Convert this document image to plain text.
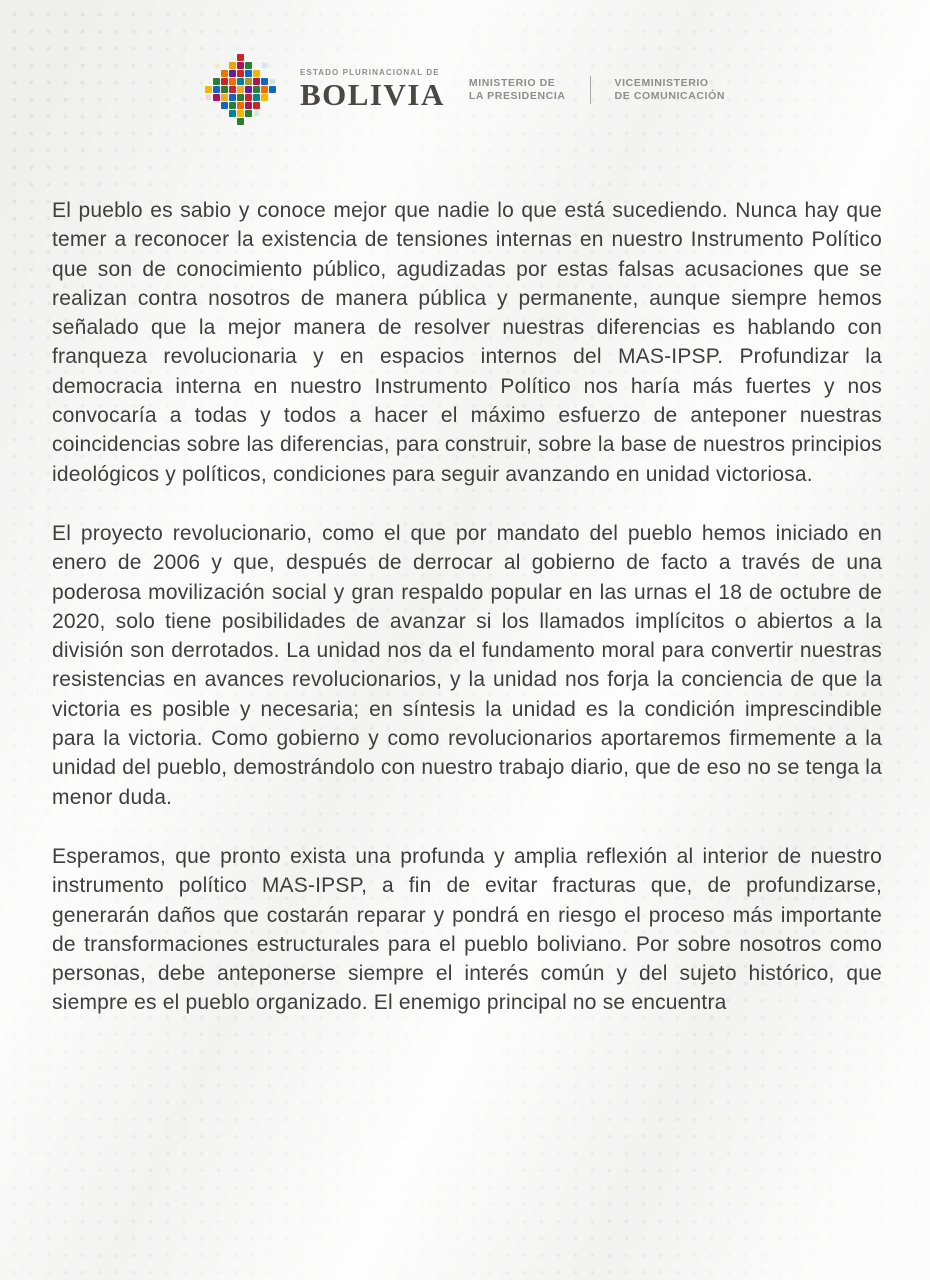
ESTADO PLURINACIONAL DE
BOLIVIA MINISTERIO DE
LA PRESIDENCIA
VICEMINISTERIO
DE COMUNICACIÓN

El pueblo es sabio y conoce mejor que nadie lo que está sucediendo. Nunca hay que temer a reconocer la existencia de tensiones internas en nuestro Instrumento Político que son de conocimiento público, agudizadas por estas falsas acusaciones que se realizan contra nosotros de manera pública y permanente, aunque siempre hemos señalado que la mejor manera de resolver nuestras diferencias es hablando con franqueza revolucionaria y en espacios internos del MAS-IPSP. Profundizar la democracia interna en nuestro Instrumento Político nos haría más fuertes y nos convocaría a todas y todos a hacer el máximo esfuerzo de anteponer nuestras coincidencias sobre las diferencias, para construir, sobre la base de nuestros principios ideológicos y políticos, condiciones para seguir avanzando en unidad victoriosa.

El proyecto revolucionario, como el que por mandato del pueblo hemos iniciado en enero de 2006 y que, después de derrocar al gobierno de facto a través de una poderosa movilización social y gran respaldo popular en las urnas el 18 de octubre de 2020, solo tiene posibilidades de avanzar si los llamados implícitos o abiertos a la división son derrotados. La unidad nos da el fundamento moral para convertir nuestras resistencias en avances revolucionarios, y la unidad nos forja la conciencia de que la victoria es posible y necesaria; en síntesis la unidad es la condición imprescindible para la victoria. Como gobierno y como revolucionarios aportaremos firmemente a la unidad del pueblo, demostrándolo con nuestro trabajo diario, que de eso no se tenga la menor duda.

Esperamos, que pronto exista una profunda y amplia reflexión al interior de nuestro instrumento político MAS-IPSP, a fin de evitar fracturas que, de profundizarse, generarán daños que costarán reparar y pondrá en riesgo el proceso más importante de transformaciones estructurales para el pueblo boliviano. Por sobre nosotros como personas, debe anteponerse siempre el interés común y del sujeto histórico, que siempre es el pueblo organizado. El enemigo principal no se encuentra
